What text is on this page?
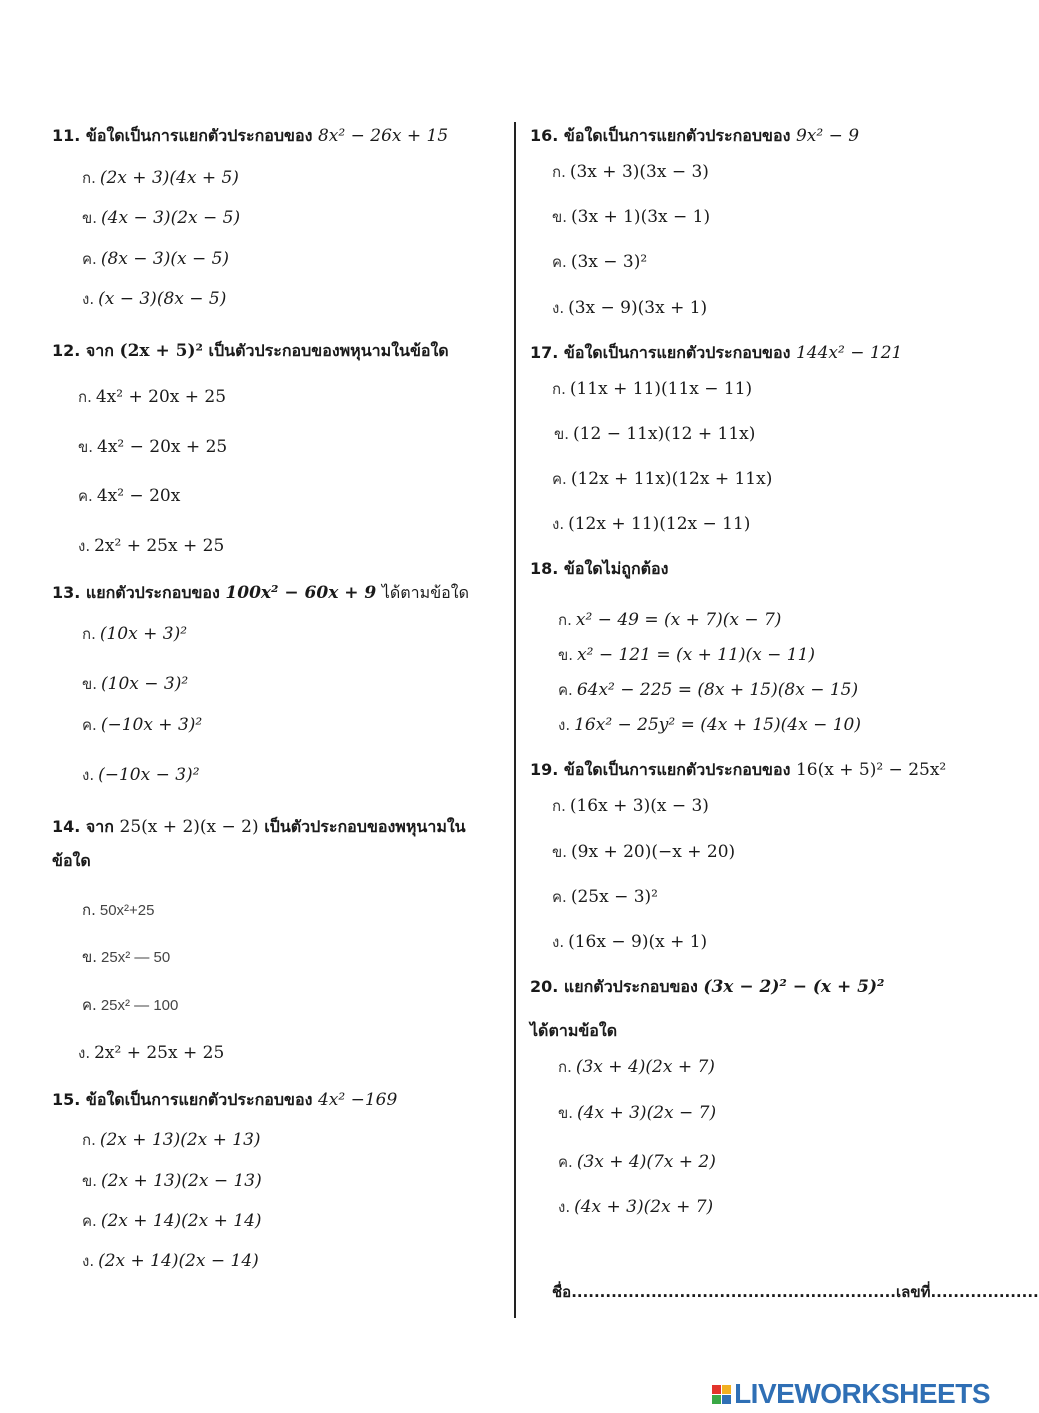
11. ข้อใดเป็นการแยกตัวประกอบของ 8x² − 26x + 15
ก. (2x + 3)(4x + 5)
ข. (4x − 3)(2x − 5)
ค. (8x − 3)(x − 5)
ง. (x − 3)(8x − 5)
12. จาก (2x + 5)² เป็นตัวประกอบของพหุนามในข้อใด
ก. 4x² + 20x + 25
ข. 4x² − 20x + 25
ค. 4x² − 20x
ง. 2x² + 25x + 25
13. แยกตัวประกอบของ 100x² − 60x + 9 ได้ตามข้อใด
ก. (10x + 3)²
ข. (10x − 3)²
ค. (−10x + 3)²
ง. (−10x − 3)²
14. จาก 25(x + 2)(x − 2) เป็นตัวประกอบของพหุนามใน
ข้อใด
ก. 50x²+25
ข. 25x² — 50
ค. 25x² — 100
ง. 2x² + 25x + 25
15. ข้อใดเป็นการแยกตัวประกอบของ 4x² −169
ก. (2x + 13)(2x + 13)
ข. (2x + 13)(2x − 13)
ค. (2x + 14)(2x + 14)
ง. (2x + 14)(2x − 14)
16. ข้อใดเป็นการแยกตัวประกอบของ 9x² − 9
ก. (3x + 3)(3x − 3)
ข. (3x + 1)(3x − 1)
ค. (3x − 3)²
ง. (3x − 9)(3x + 1)
17. ข้อใดเป็นการแยกตัวประกอบของ 144x² − 121
ก. (11x + 11)(11x − 11)
ข. (12 − 11x)(12 + 11x)
ค. (12x + 11x)(12x + 11x)
ง. (12x + 11)(12x − 11)
18. ข้อใดไม่ถูกต้อง
ก. x² − 49 = (x + 7)(x − 7)
ข. x² − 121 = (x + 11)(x − 11)
ค. 64x² − 225 = (8x + 15)(8x − 15)
ง. 16x² − 25y² = (4x + 15)(4x − 10)
19. ข้อใดเป็นการแยกตัวประกอบของ 16(x + 5)² − 25x²
ก. (16x + 3)(x − 3)
ข. (9x + 20)(−x + 20)
ค. (25x − 3)²
ง. (16x − 9)(x + 1)
20. แยกตัวประกอบของ (3x − 2)² − (x + 5)²
ได้ตามข้อใด
ก. (3x + 4)(2x + 7)
ข. (4x + 3)(2x − 7)
ค. (3x + 4)(7x + 2)
ง. (4x + 3)(2x + 7)
ชื่อ.........................................................เลขที่...................
LIVEWORKSHEETS
